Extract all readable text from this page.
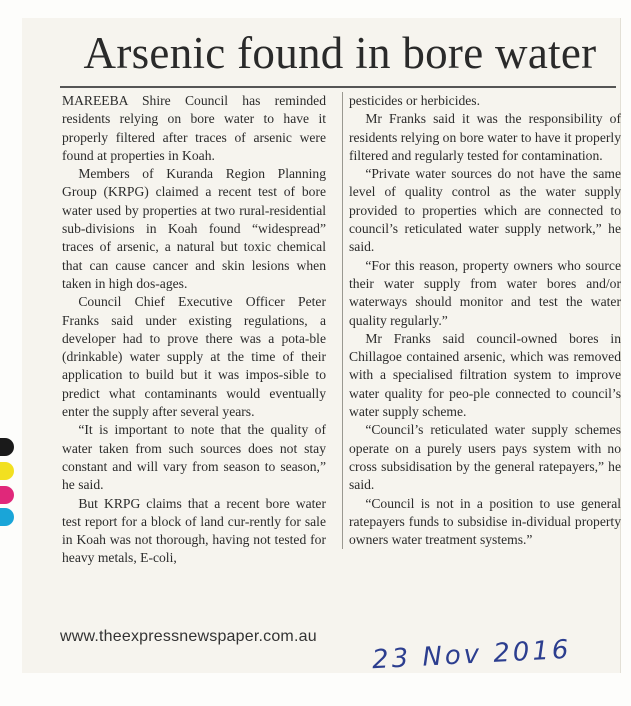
Arsenic found in bore water

MAREEBA Shire Council has reminded residents relying on bore water to have it properly filtered after traces of arsenic were found at properties in Koah.

Members of Kuranda Region Planning Group (KRPG) claimed a recent test of bore water used by properties at two rural-residential sub-divisions in Koah found “widespread” traces of arsenic, a natural but toxic chemical that can cause cancer and skin lesions when taken in high dos-ages.

Council Chief Executive Officer Peter Franks said under existing regulations, a developer had to prove there was a pota-ble (drinkable) water supply at the time of their application to build but it was impos-sible to predict what contaminants would eventually enter the supply after several years.

“It is important to note that the quality of water taken from such sources does not stay constant and will vary from season to season,” he said.

But KRPG claims that a recent bore water test report for a block of land cur-rently for sale in Koah was not thorough, having not tested for heavy metals, E-coli,

pesticides or herbicides.

Mr Franks said it was the responsibility of residents relying on bore water to have it properly filtered and regularly tested for contamination.

“Private water sources do not have the same level of quality control as the water supply provided to properties which are connected to council’s reticulated water supply network,” he said.

“For this reason, property owners who source their water supply from water bores and/or waterways should monitor and test the water quality regularly.”

Mr Franks said council-owned bores in Chillagoe contained arsenic, which was removed with a specialised filtration system to improve water quality for peo-ple connected to council’s water supply scheme.

“Council’s reticulated water supply schemes operate on a purely users pays system with no cross subsidisation by the general ratepayers,” he said.

“Council is not in a position to use general ratepayers funds to subsidise in-dividual property owners water treatment systems.”

www.theexpressnewspaper.com.au 23 Nov 2016
